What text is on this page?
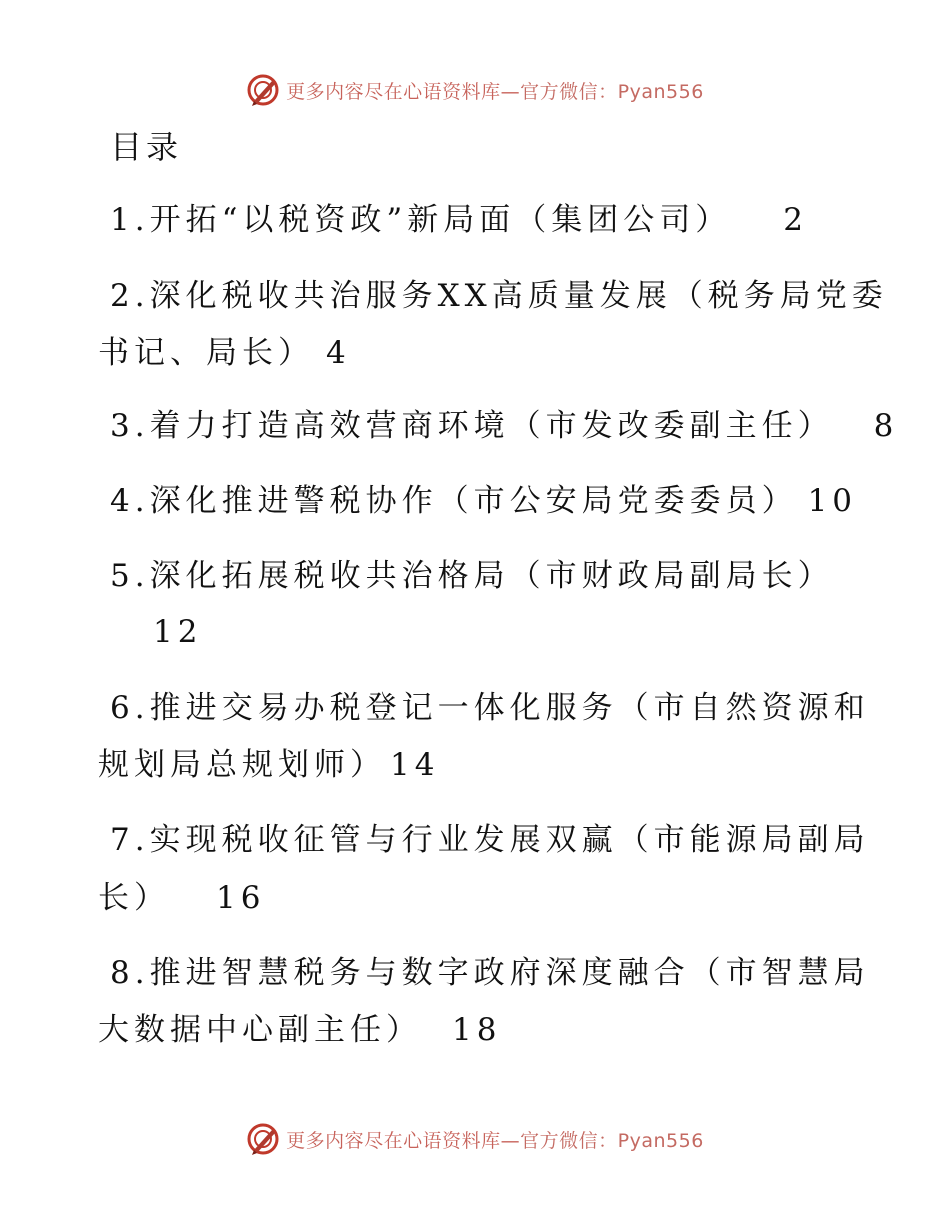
更多内容尽在心语资料库—官方微信：Pyan556
目录
1.开拓“以税资政”新局面（集团公司） 2
2.深化税收共治服务XX高质量发展（税务局党委
书记、局长） 4
3.着力打造高效营商环境（市发改委副主任） 8
4.深化推进警税协作（市公安局党委委员） 10
5.深化拓展税收共治格局（市财政局副局长）
12
6.推进交易办税登记一体化服务（市自然资源和
规划局总规划师） 14
7.实现税收征管与行业发展双赢（市能源局副局
长） 16
8.推进智慧税务与数字政府深度融合（市智慧局
大数据中心副主任） 18
更多内容尽在心语资料库—官方微信：Pyan556
